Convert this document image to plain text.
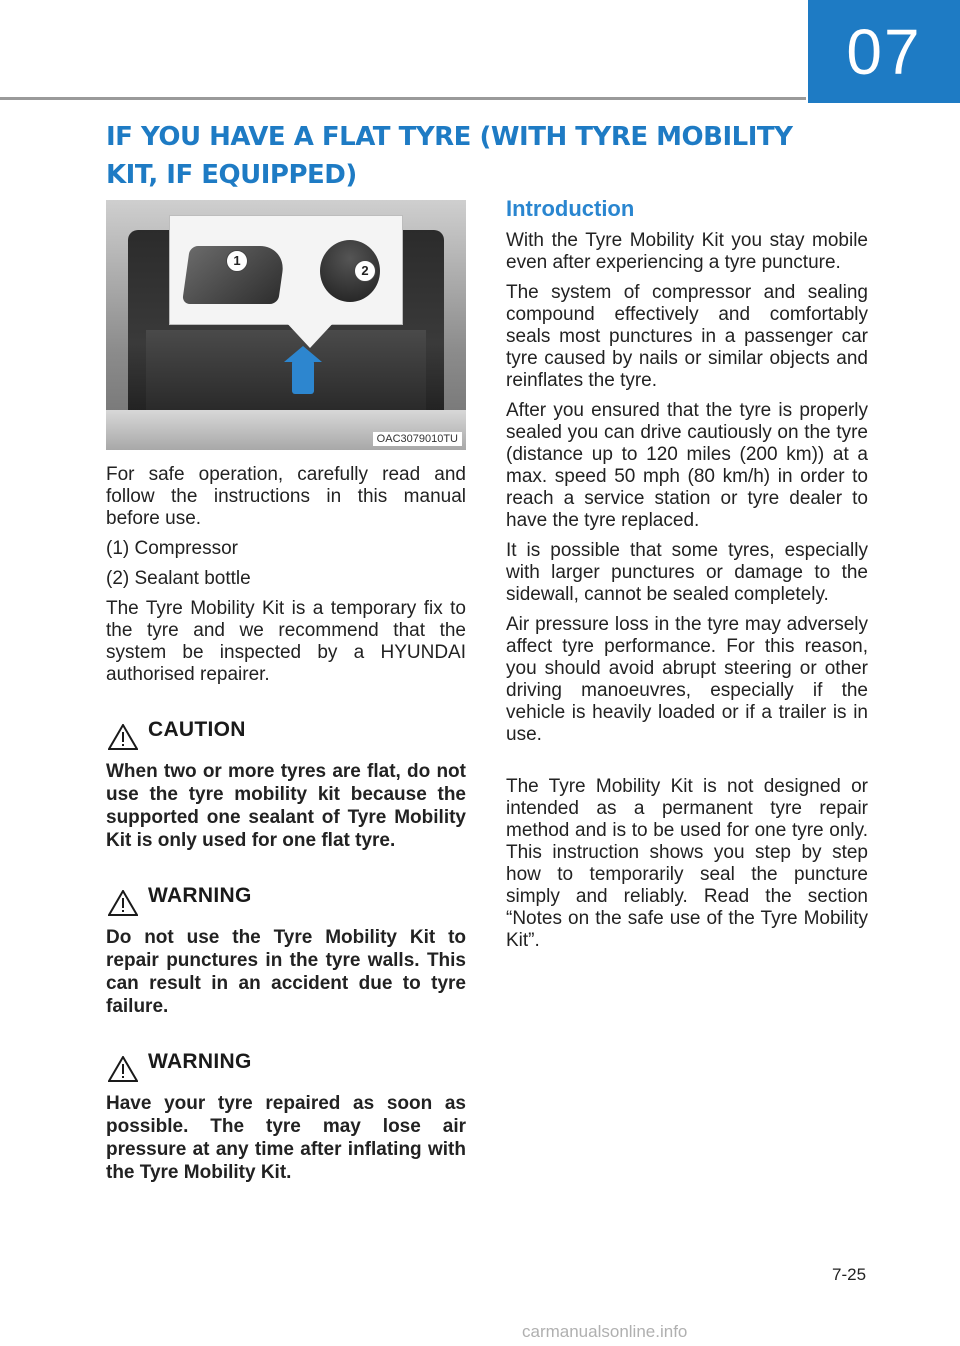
07
IF YOU HAVE A FLAT TYRE (WITH TYRE MOBILITY KIT, IF EQUIPPED)
1
2
OAC3079010TU

For safe operation, carefully read and follow the instructions in this manual before use.

(1) Compressor

(2) Sealant bottle

The Tyre Mobility Kit is a temporary fix to the tyre and we recommend that the system be inspected by a HYUNDAI authorised repairer.

CAUTION

When two or more tyres are flat, do not use the tyre mobility kit because the supported one sealant of Tyre Mobility Kit is only used for one flat tyre.

WARNING

Do not use the Tyre Mobility Kit to repair punctures in the tyre walls. This can result in an accident due to tyre failure.

WARNING

Have your tyre repaired as soon as possible. The tyre may lose air pressure at any time after inflating with the Tyre Mobility Kit.

Introduction

With the Tyre Mobility Kit you stay mobile even after experiencing a tyre puncture.

The system of compressor and sealing compound effectively and comfortably seals most punctures in a passenger car tyre caused by nails or similar objects and reinflates the tyre.

After you ensured that the tyre is properly sealed you can drive cautiously on the tyre (distance up to 120 miles (200 km)) at a max. speed 50 mph (80 km/h) in order to reach a service station or tyre dealer to have the tyre replaced.

It is possible that some tyres, especially with larger punctures or damage to the sidewall, cannot be sealed completely.

Air pressure loss in the tyre may adversely affect tyre performance. For this reason, you should avoid abrupt steering or other driving manoeuvres, especially if the vehicle is heavily loaded or if a trailer is in use.

The Tyre Mobility Kit is not designed or intended as a permanent tyre repair method and is to be used for one tyre only. This instruction shows you step by step how to temporarily seal the puncture simply and reliably. Read the section “Notes on the safe use of the Tyre Mobility Kit”.

7-25
carmanualsonline.info
